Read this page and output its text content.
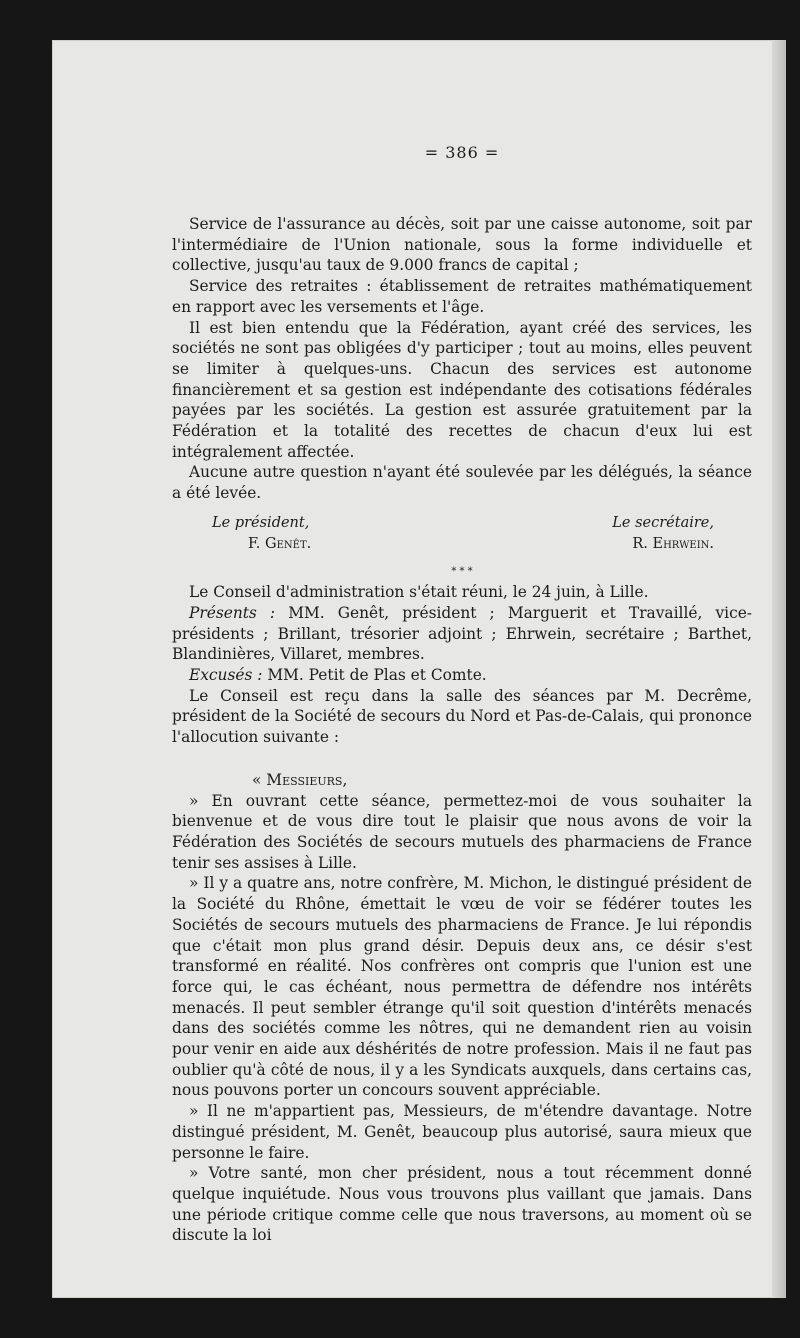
= 386 =

Service de l'assurance au décès, soit par une caisse autonome, soit par l'intermédiaire de l'Union nationale, sous la forme individuelle et collective, jusqu'au taux de 9.000 francs de capital ;

Service des retraites : établissement de retraites mathématiquement en rapport avec les versements et l'âge.

Il est bien entendu que la Fédération, ayant créé des services, les sociétés ne sont pas obligées d'y participer ; tout au moins, elles peuvent se limiter à quelques-uns. Chacun des services est autonome financièrement et sa gestion est indépendante des cotisations fédérales payées par les sociétés. La gestion est assurée gratuitement par la Fédération et la totalité des recettes de chacun d'eux lui est intégralement affectée.

Aucune autre question n'ayant été soulevée par les délégués, la séance a été levée.

Le président,
F. Genêt.
Le secrétaire,
R. Ehrwein.
* * *

Le Conseil d'administration s'était réuni, le 24 juin, à Lille.

Présents : MM. Genêt, président ; Marguerit et Travaillé, vice-présidents ; Brillant, trésorier adjoint ; Ehrwein, secrétaire ; Barthet, Blandinières, Villaret, membres.

Excusés : MM. Petit de Plas et Comte.

Le Conseil est reçu dans la salle des séances par M. Decrême, président de la Société de secours du Nord et Pas-de-Calais, qui prononce l'allocution suivante :

« Messieurs,

» En ouvrant cette séance, permettez-moi de vous souhaiter la bienvenue et de vous dire tout le plaisir que nous avons de voir la Fédération des Sociétés de secours mutuels des pharmaciens de France tenir ses assises à Lille.

» Il y a quatre ans, notre confrère, M. Michon, le distingué président de la Société du Rhône, émettait le vœu de voir se fédérer toutes les Sociétés de secours mutuels des pharmaciens de France. Je lui répondis que c'était mon plus grand désir. Depuis deux ans, ce désir s'est transformé en réalité. Nos confrères ont compris que l'union est une force qui, le cas échéant, nous permettra de défendre nos intérêts menacés. Il peut sembler étrange qu'il soit question d'intérêts menacés dans des sociétés comme les nôtres, qui ne demandent rien au voisin pour venir en aide aux déshérités de notre profession. Mais il ne faut pas oublier qu'à côté de nous, il y a les Syndicats auxquels, dans certains cas, nous pouvons porter un concours souvent appréciable.

» Il ne m'appartient pas, Messieurs, de m'étendre davantage. Notre distingué président, M. Genêt, beaucoup plus autorisé, saura mieux que personne le faire.

» Votre santé, mon cher président, nous a tout récemment donné quelque inquiétude. Nous vous trouvons plus vaillant que jamais. Dans une période critique comme celle que nous traversons, au moment où se discute la loi
